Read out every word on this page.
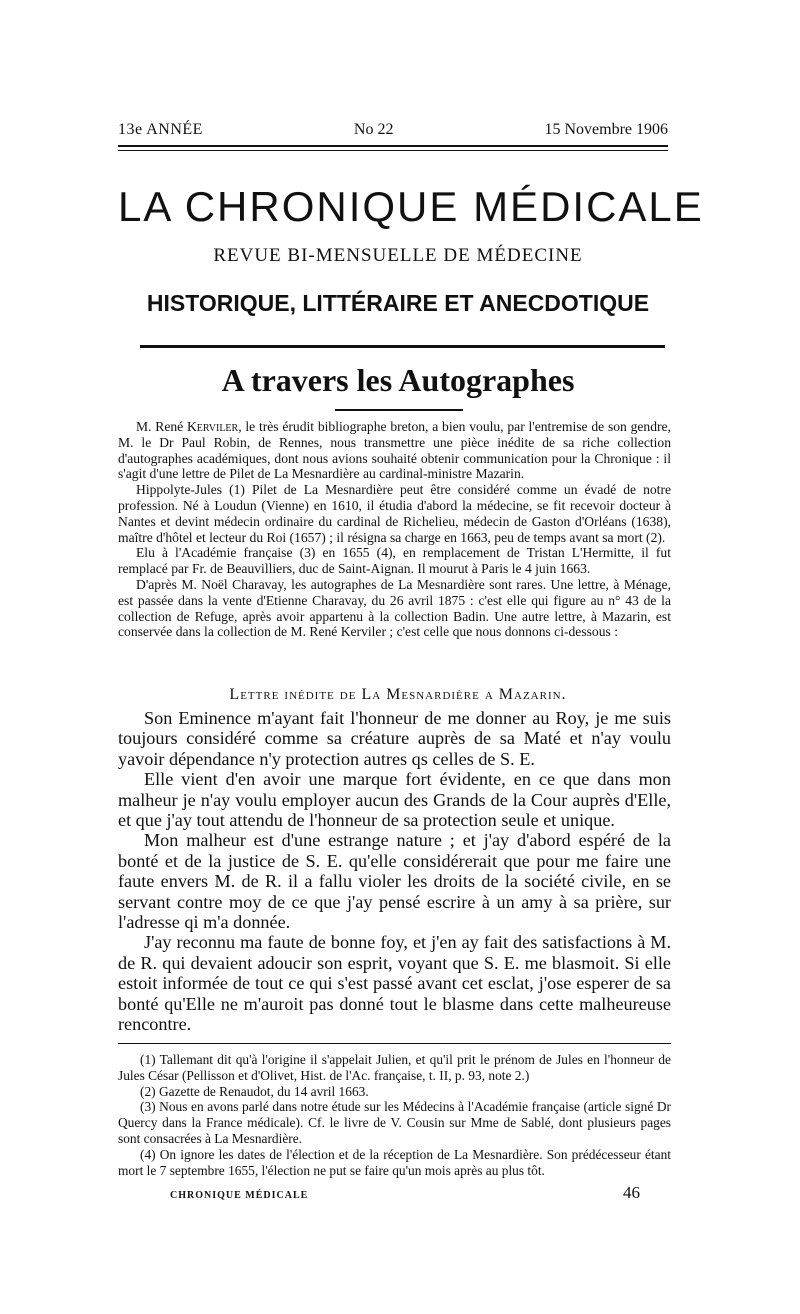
13e ANNÉE	No 22	15 Novembre 1906
LA CHRONIQUE MÉDICALE
REVUE BI-MENSUELLE DE MÉDECINE
HISTORIQUE, LITTÉRAIRE ET ANECDOTIQUE
A travers les Autographes

M. René Kerviler, le très érudit bibliographe breton, a bien voulu, par l'entremise de son gendre, M. le Dr Paul Robin, de Rennes, nous transmettre une pièce inédite de sa riche collection d'autographes académiques, dont nous avions souhaité obtenir communication pour la Chronique : il s'agit d'une lettre de Pilet de La Mesnardière au cardinal-ministre Mazarin.

Hippolyte-Jules (1) Pilet de La Mesnardière peut être considéré comme un évadé de notre profession. Né à Loudun (Vienne) en 1610, il étudia d'abord la médecine, se fit recevoir docteur à Nantes et devint médecin ordinaire du cardinal de Richelieu, médecin de Gaston d'Orléans (1638), maître d'hôtel et lecteur du Roi (1657) ; il résigna sa charge en 1663, peu de temps avant sa mort (2).

Elu à l'Académie française (3) en 1655 (4), en remplacement de Tristan L'Hermitte, il fut remplacé par Fr. de Beauvilliers, duc de Saint-Aignan. Il mourut à Paris le 4 juin 1663.

D'après M. Noël Charavay, les autographes de La Mesnardière sont rares. Une lettre, à Ménage, est passée dans la vente d'Etienne Charavay, du 26 avril 1875 : c'est elle qui figure au n° 43 de la collection de Refuge, après avoir appartenu à la collection Badin. Une autre lettre, à Mazarin, est conservée dans la collection de M. René Kerviler ; c'est celle que nous donnons ci-dessous :

Lettre inédite de La Mesnardière a Mazarin.

Son Eminence m'ayant fait l'honneur de me donner au Roy, je me suis toujours considéré comme sa créature auprès de sa Maté et n'ay voulu yavoir dépendance n'y protection autres qs celles de S. E.

Elle vient d'en avoir une marque fort évidente, en ce que dans mon malheur je n'ay voulu employer aucun des Grands de la Cour auprès d'Elle, et que j'ay tout attendu de l'honneur de sa protection seule et unique.

Mon malheur est d'une estrange nature ; et j'ay d'abord espéré de la bonté et de la justice de S. E. qu'elle considérerait que pour me faire une faute envers M. de R. il a fallu violer les droits de la société civile, en se servant contre moy de ce que j'ay pensé escrire à un amy à sa prière, sur l'adresse qi m'a donnée.

J'ay reconnu ma faute de bonne foy, et j'en ay fait des satisfactions à M. de R. qui devaient adoucir son esprit, voyant que S. E. me blasmoit. Si elle estoit informée de tout ce qui s'est passé avant cet esclat, j'ose esperer de sa bonté qu'Elle ne m'auroit pas donné tout le blasme dans cette malheureuse rencontre.

(1) Tallemant dit qu'à l'origine il s'appelait Julien, et qu'il prit le prénom de Jules en l'honneur de Jules César (Pellisson et d'Olivet, Hist. de l'Ac. française, t. II, p. 93, note 2.)

(2) Gazette de Renaudot, du 14 avril 1663.

(3) Nous en avons parlé dans notre étude sur les Médecins à l'Académie française (article signé Dr Quercy dans la France médicale). Cf. le livre de V. Cousin sur Mme de Sablé, dont plusieurs pages sont consacrées à La Mesnardière.

(4) On ignore les dates de l'élection et de la réception de La Mesnardière. Son prédécesseur étant mort le 7 septembre 1655, l'élection ne put se faire qu'un mois après au plus tôt.

CHRONIQUE MÉDICALE	46
